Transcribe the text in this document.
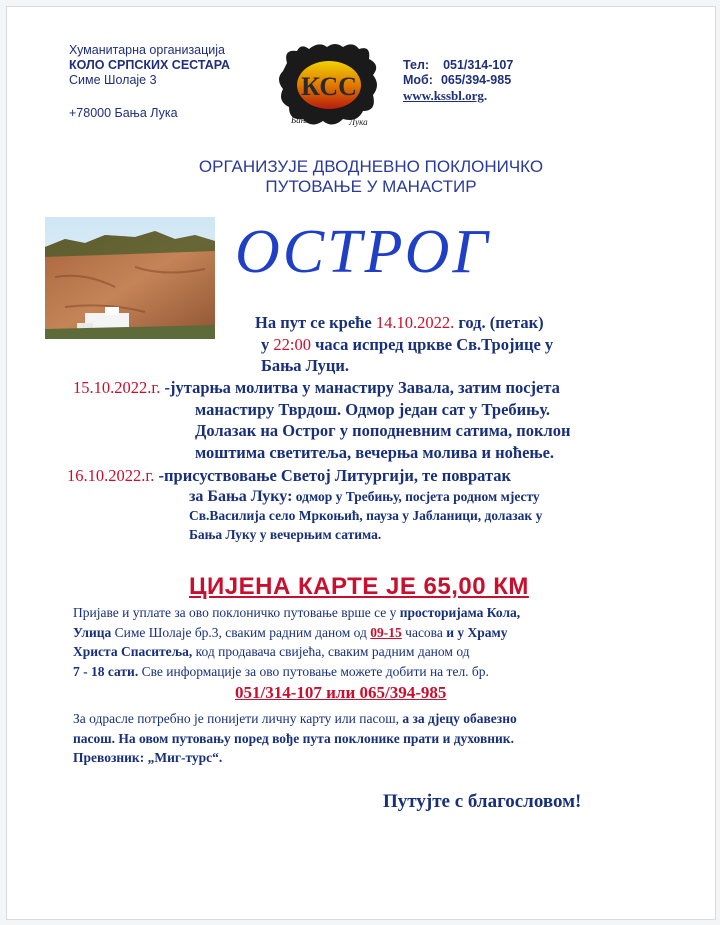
Хуманитарна организација
КОЛО СРПСКИХ СЕСТАРА
Симе Шолаје 3
+78000 Бања Лука
КСС
Бања	Лука
Тел: 051/314-107
Моб: 065/394-985
www.kssbl.org.
ОРГАНИЗУЈЕ ДВОДНЕВНО ПОКЛОНИЧКО
ПУТОВАЊЕ У МАНАСТИР
ОСТРОГ
На пут се креће 14.10.2022. год. (петак)
у 22:00 часа испред цркве Св.Тројице у
Бања Луци.
15.10.2022.г. -јутарња молитва у манастиру Завала, затим посјета
манастиру Тврдош. Одмор један сат у Требињу.
Долазак на Острог у поподневним сатима, поклон
моштима светитеља, вечерња молива и ноћење.
16.10.2022.г. -присуствовање Светој Литургији, те повратак
за Бања Луку: одмор у Требињу, посјета родном мјесту
Св.Василија село Мркоњић, пауза у Јабланици, долазак у
Бања Луку у вечерњим сатима.
ЦИЈЕНА КАРТЕ ЈЕ 65,00 КМ
Пријаве и уплате за ово поклоничко путовање врше се у просторијама Кола,
Улица Симе Шолаје бр.3, сваким радним даном од 09-15 часова и у Храму
Христа Спаситеља, код продавача свијећа, сваким радним даном од
7 - 18 сати. Све информације за ово путовање можете добити на тел. бр.
051/314-107 или 065/394-985
За одрасле потребно је понијети личну карту или пасош, а за дјецу обавезно
пасош. На овом путовању поред вође пута поклонике прати и духовник.
Превозник: „Миг-турс“.
Путујте с благословом!
